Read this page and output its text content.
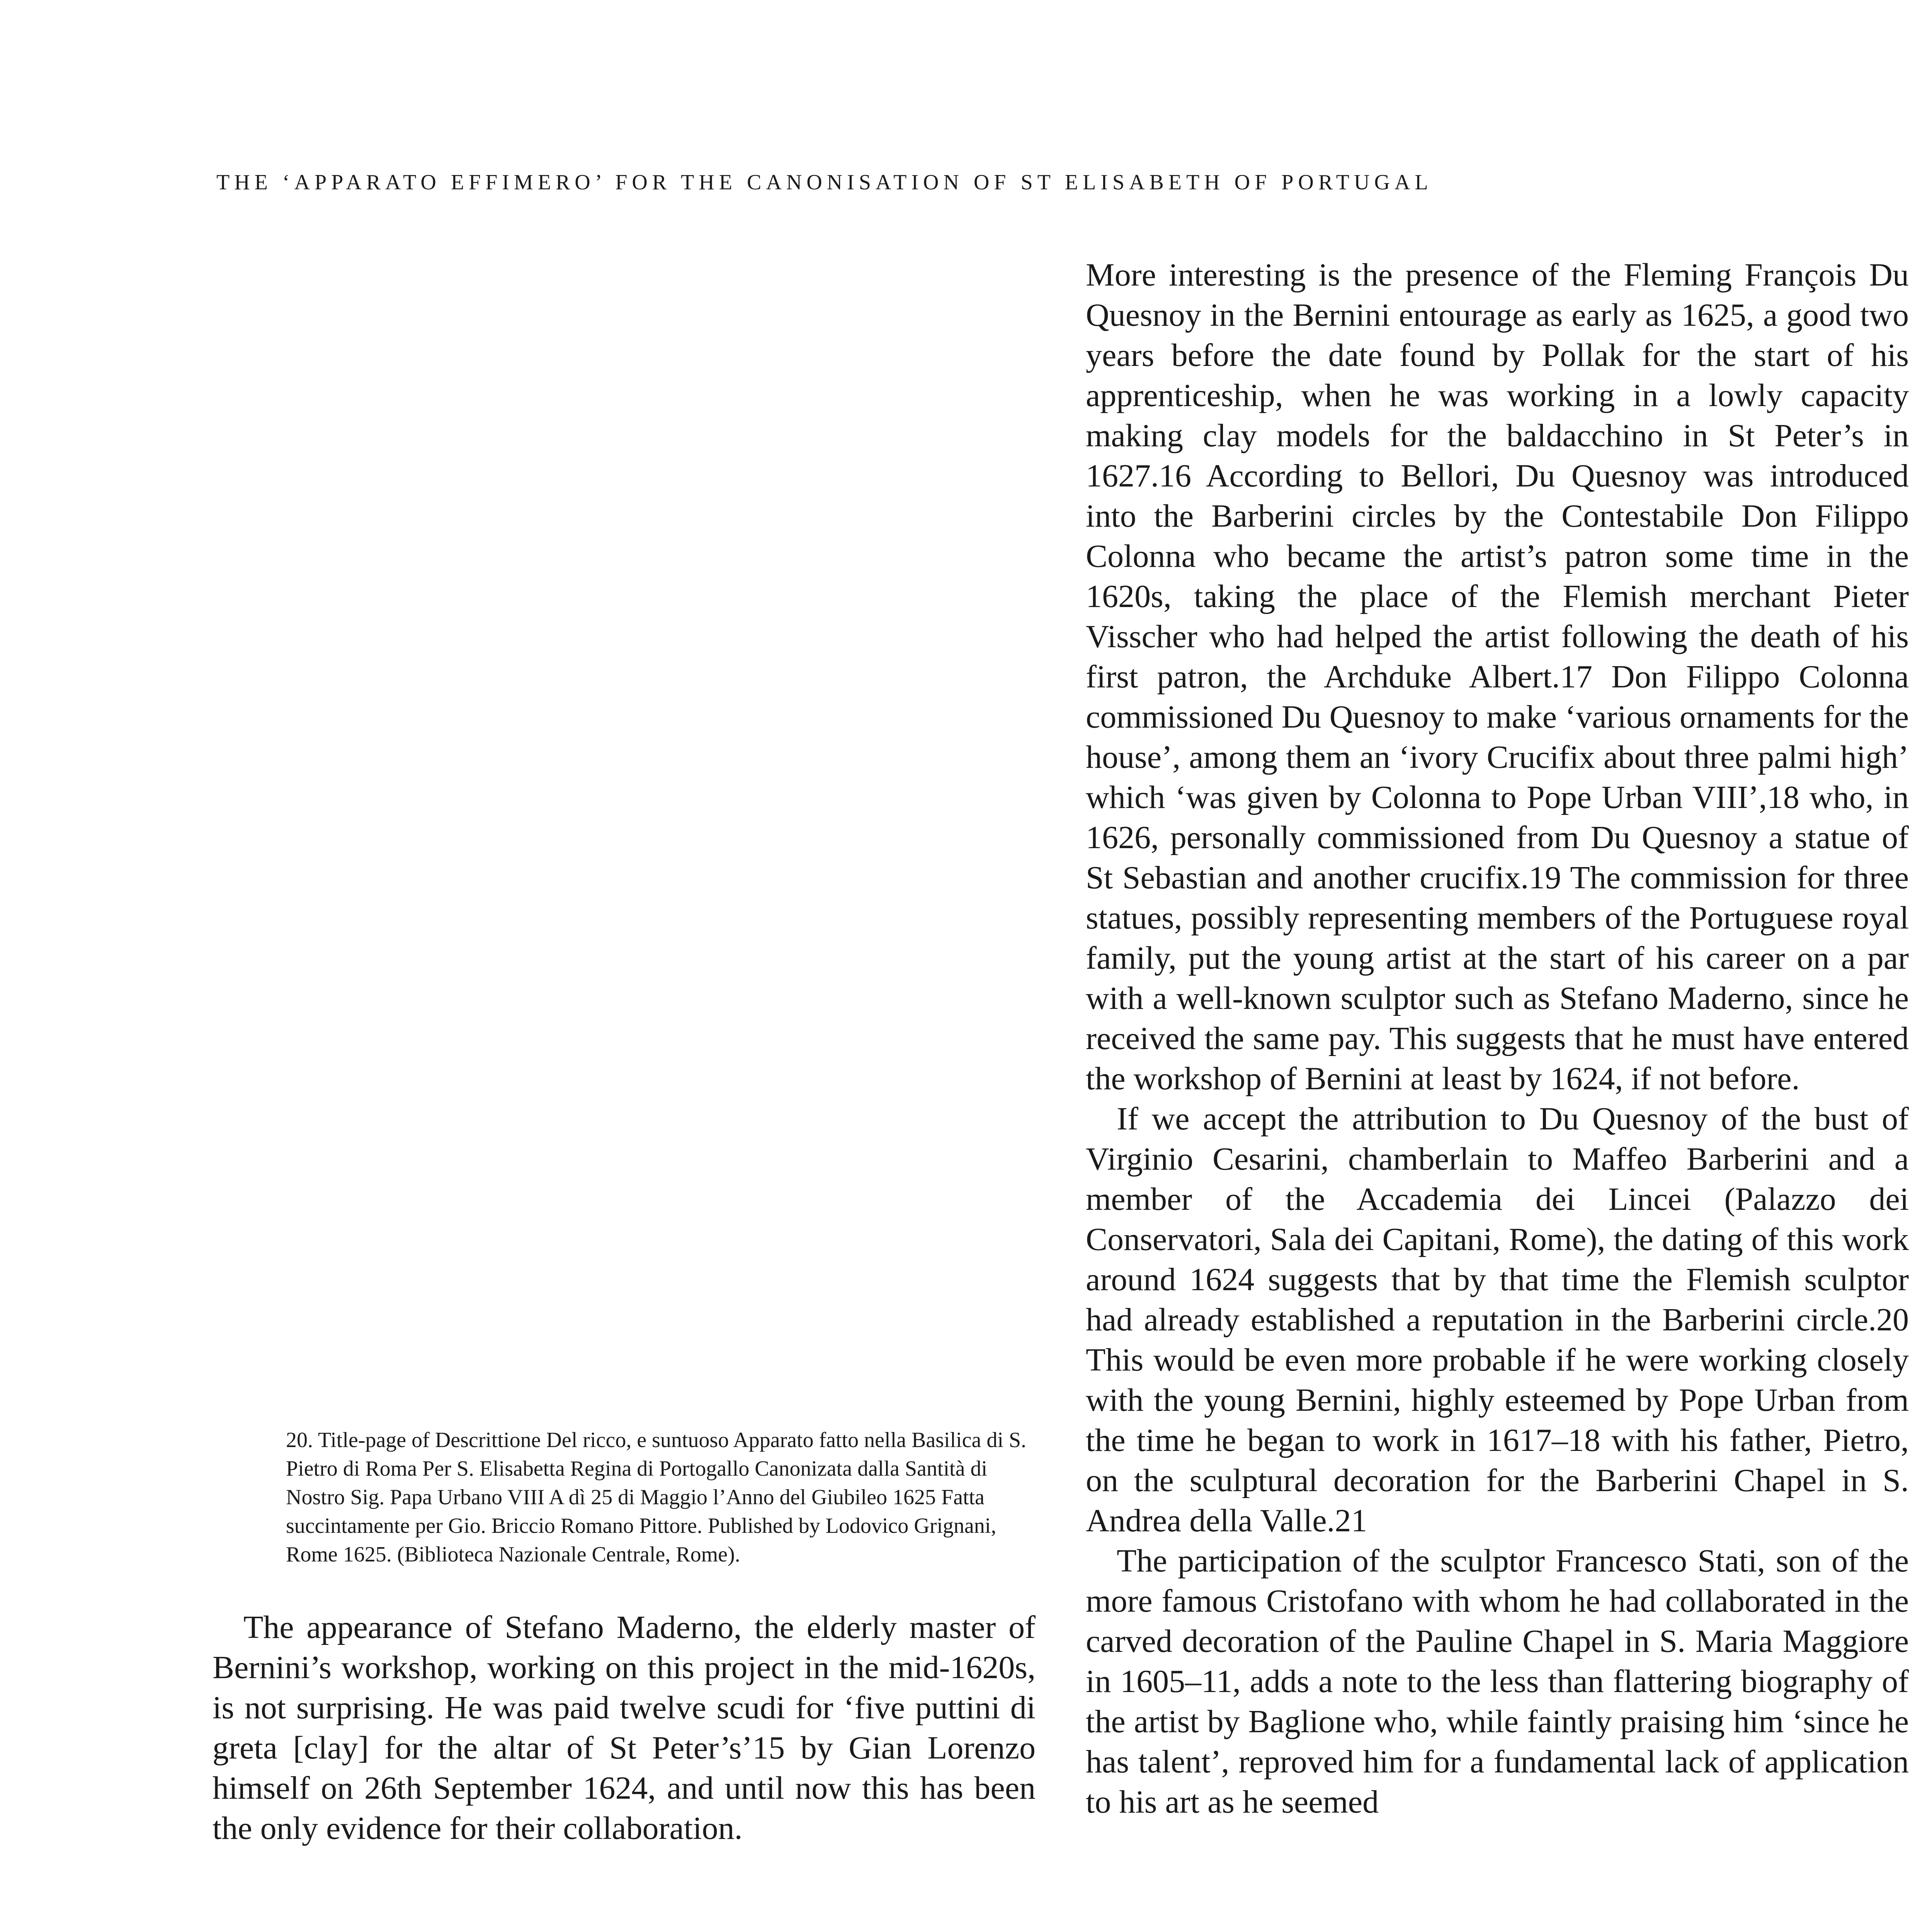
THE ‘APPARATO EFFIMERO’ FOR THE CANONISATION OF ST ELISABETH OF PORTUGAL
20. Title-page of Descrittione Del ricco, e suntuoso Apparato fatto nella Basilica di S. Pietro di Roma Per S. Elisabetta Regina di Portogallo Canonizata dalla Santità di Nostro Sig. Papa Urbano VIII A dì 25 di Maggio l’Anno del Giubileo 1625 Fatta succintamente per Gio. Briccio Romano Pittore. Published by Lodovico Grignani, Rome 1625. (Biblioteca Nazionale Centrale, Rome).

The appearance of Stefano Maderno, the elderly master of Bernini’s workshop, working on this project in the mid-1620s, is not surprising. He was paid twelve scudi for ‘five puttini di greta [clay] for the altar of St Peter’s’15 by Gian Lorenzo himself on 26th September 1624, and until now this has been the only evidence for their collaboration.

More interesting is the presence of the Fleming François Du Quesnoy in the Bernini entourage as early as 1625, a good two years before the date found by Pollak for the start of his apprenticeship, when he was working in a lowly capacity making clay models for the baldacchino in St Peter’s in 1627.16 According to Bellori, Du Quesnoy was introduced into the Barberini circles by the Contestabile Don Filippo Colonna who became the artist’s patron some time in the 1620s, taking the place of the Flemish merchant Pieter Visscher who had helped the artist following the death of his first patron, the Archduke Albert.17 Don Filippo Colonna commissioned Du Quesnoy to make ‘various ornaments for the house’, among them an ‘ivory Crucifix about three palmi high’ which ‘was given by Colonna to Pope Urban VIII’,18 who, in 1626, personally commissioned from Du Quesnoy a statue of St Sebastian and another crucifix.19 The commission for three statues, possibly representing members of the Portuguese royal family, put the young artist at the start of his career on a par with a well-known sculptor such as Stefano Maderno, since he received the same pay. This suggests that he must have entered the workshop of Bernini at least by 1624, if not before.

If we accept the attribution to Du Quesnoy of the bust of Virginio Cesarini, chamberlain to Maffeo Barberini and a member of the Accademia dei Lincei (Palazzo dei Conservatori, Sala dei Capitani, Rome), the dating of this work around 1624 suggests that by that time the Flemish sculptor had already established a reputation in the Barberini circle.20 This would be even more probable if he were working closely with the young Bernini, highly esteemed by Pope Urban from the time he began to work in 1617–18 with his father, Pietro, on the sculptural decoration for the Barberini Chapel in S. Andrea della Valle.21

The participation of the sculptor Francesco Stati, son of the more famous Cristofano with whom he had collaborated in the carved decoration of the Pauline Chapel in S. Maria Maggiore in 1605–11, adds a note to the less than flattering biography of the artist by Baglione who, while faintly praising him ‘since he has talent’, reproved him for a fundamental lack of application to his art as he seemed
